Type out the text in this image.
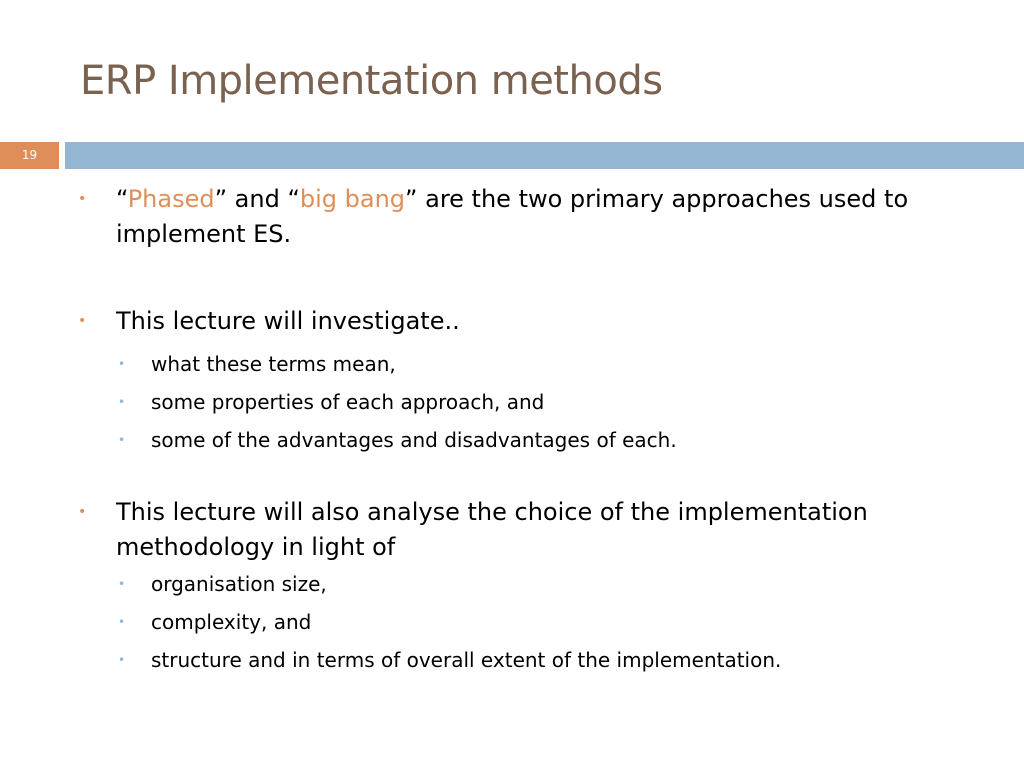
ERP Implementation methods
19
• “Phased” and “big bang” are the two primary approaches used to implement ES.
• This lecture will investigate..
• what these terms mean,
• some properties of each approach, and
• some of the advantages and disadvantages of each.
• This lecture will also analyse the choice of the implementation methodology in light of
• organisation size,
• complexity, and
• structure and in terms of overall extent of the implementation.
